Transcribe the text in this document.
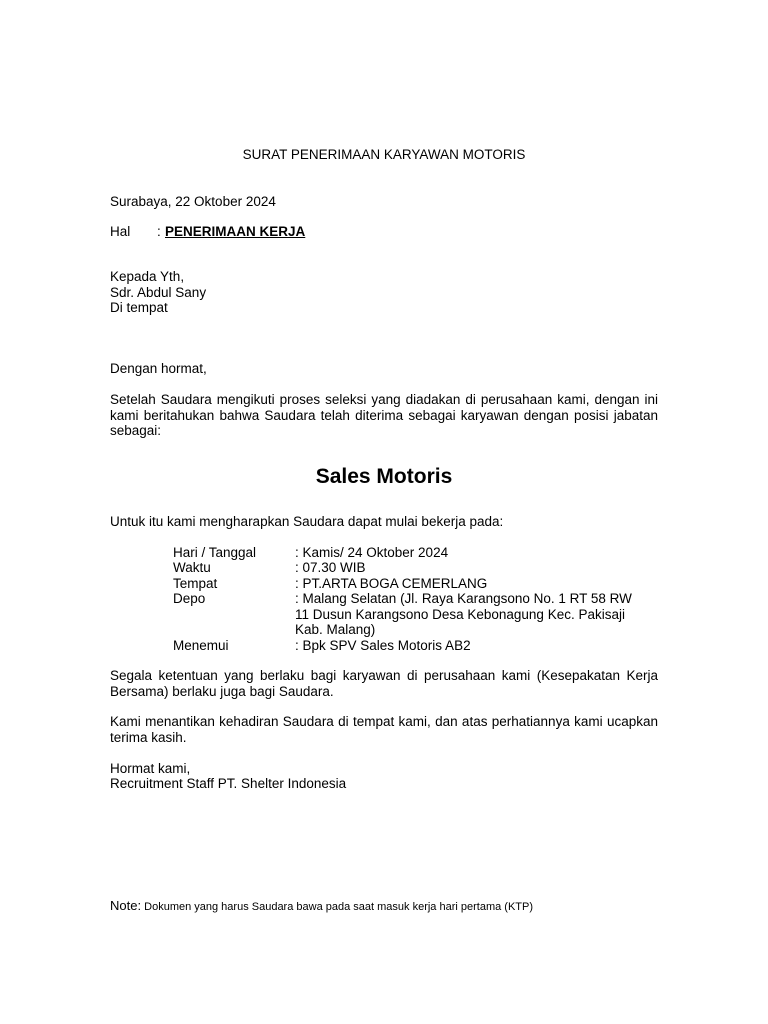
SURAT PENERIMAAN KARYAWAN MOTORIS
Surabaya, 22 Oktober 2024
Hal : PENERIMAAN KERJA
Kepada Yth,
Sdr. Abdul Sany
Di tempat
Dengan hormat,
Setelah Saudara mengikuti proses seleksi yang diadakan di perusahaan kami, dengan ini kami beritahukan bahwa Saudara telah diterima sebagai karyawan dengan posisi jabatan sebagai:
Sales Motoris
Untuk itu kami mengharapkan Saudara dapat mulai bekerja pada:
Hari / Tanggal	: Kamis/ 24 Oktober 2024
Waktu	: 07.30 WIB
Tempat	: PT.ARTA BOGA CEMERLANG
Depo	: Malang Selatan (Jl. Raya Karangsono No. 1 RT 58 RW
11 Dusun Karangsono Desa Kebonagung Kec. Pakisaji
Kab. Malang)
Menemui	: Bpk SPV Sales Motoris AB2
Segala ketentuan yang berlaku bagi karyawan di perusahaan kami (Kesepakatan Kerja Bersama) berlaku juga bagi Saudara.
Kami menantikan kehadiran Saudara di tempat kami, dan atas perhatiannya kami ucapkan terima kasih.
Hormat kami,
Recruitment Staff PT. Shelter Indonesia
Note: Dokumen yang harus Saudara bawa pada saat masuk kerja hari pertama (KTP)
